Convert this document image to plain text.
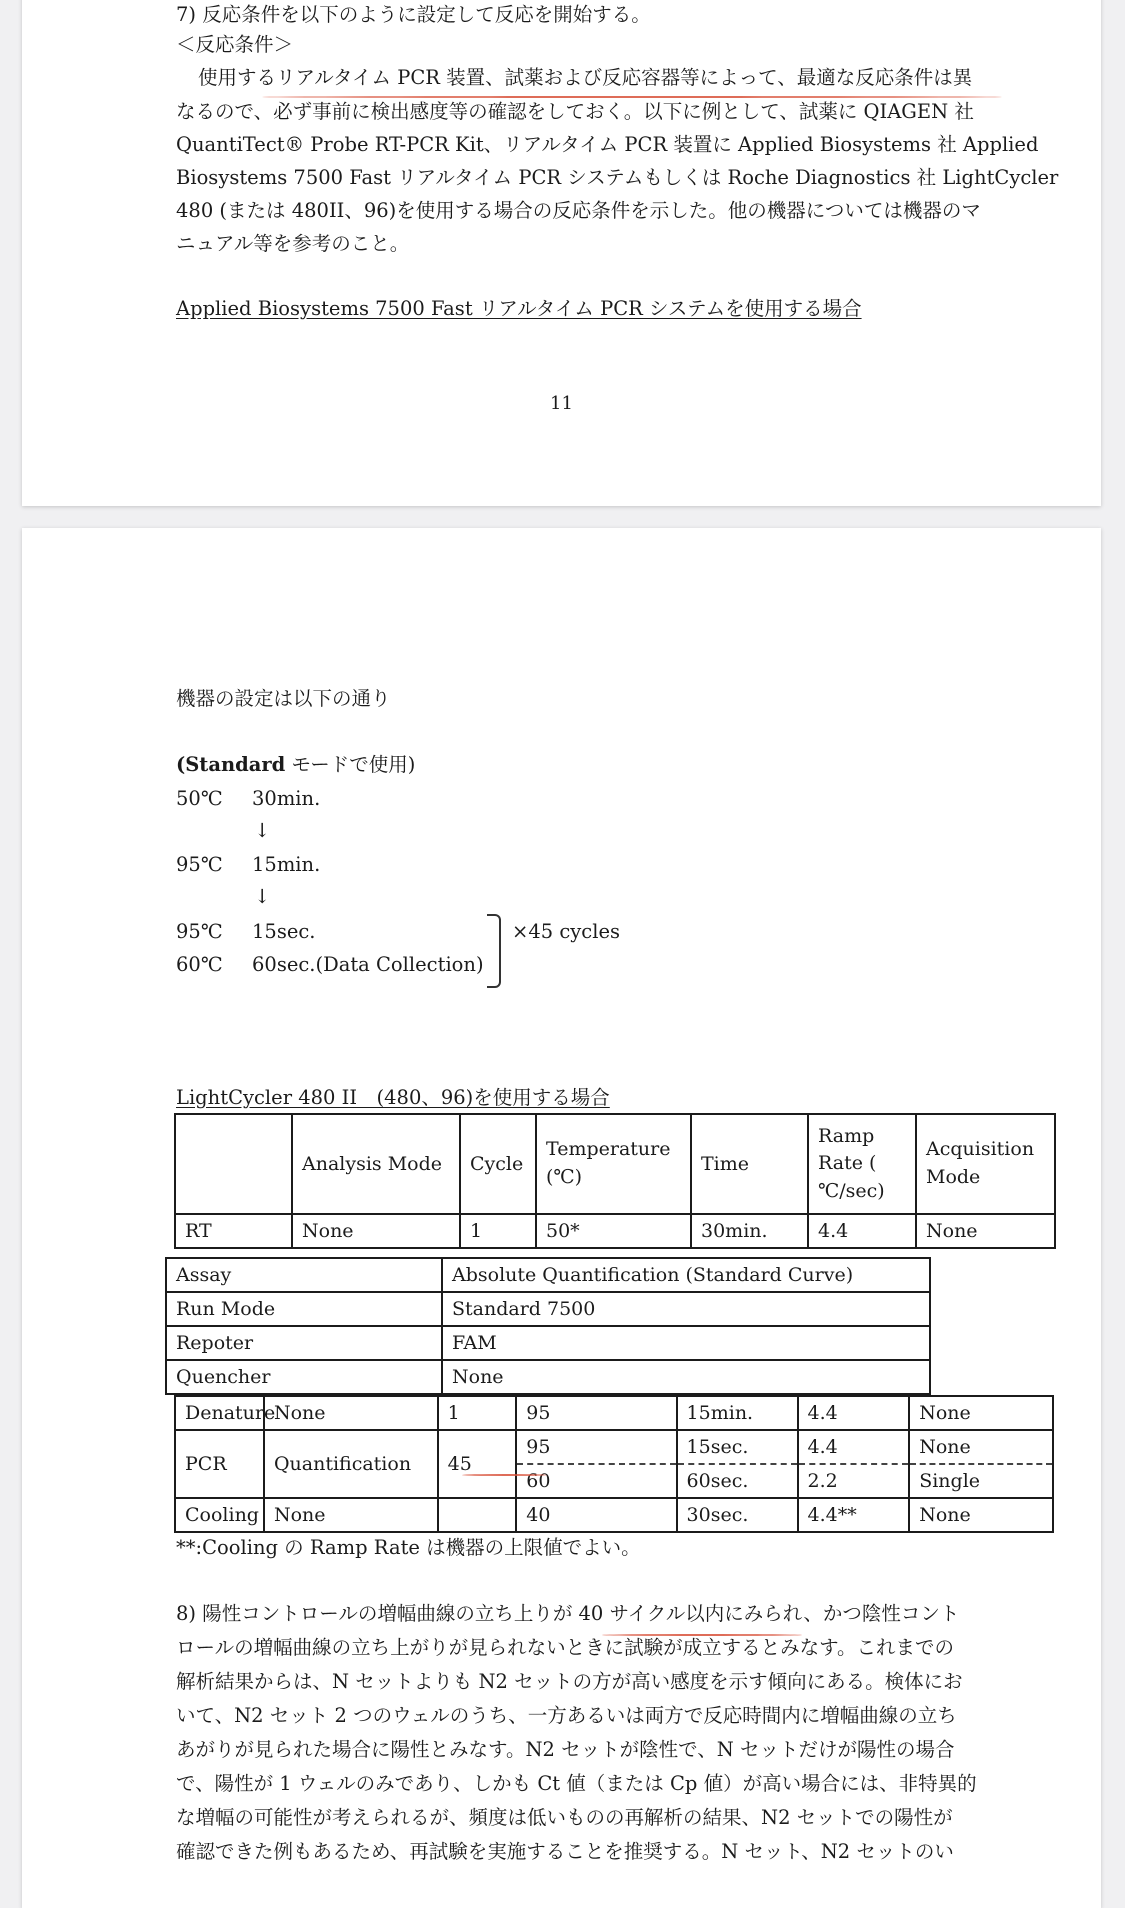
7) 反応条件を以下のように設定して反応を開始する。
＜反応条件＞
使用するリアルタイム PCR 装置、試薬および反応容器等によって、最適な反応条件は異
なるので、必ず事前に検出感度等の確認をしておく。以下に例として、試薬に QIAGEN 社
QuantiTect® Probe RT-PCR Kit、リアルタイム PCR 装置に Applied Biosystems 社 Applied
Biosystems 7500 Fast リアルタイム PCR システムもしくは Roche Diagnostics 社 LightCycler
480 (または 480II、96)を使用する場合の反応条件を示した。他の機器については機器のマ
ニュアル等を参考のこと。
Applied Biosystems 7500 Fast リアルタイム PCR システムを使用する場合
11
機器の設定は以下の通り
(Standard モードで使用)
50℃ 30min.
↓
95℃ 15min.
↓
95℃ 15sec.
60℃ 60sec.(Data Collection)
×45 cycles
LightCycler 480 II　(480、96)を使用する場合
	Analysis Mode	Cycle	Temperature (℃)	Time	Ramp Rate ( ℃/sec)	Acquisition Mode
RT	None	1	50*	30min.	4.4	None
Assay	Absolute Quantification (Standard Curve)
Run Mode	Standard 7500
Repoter	FAM
Quencher	None
Denature	None	1	95	15min.	4.4	None
PCR	Quantification	45	95	15sec.	4.4	None
			60	60sec.	2.2	Single
Cooling	None		40	30sec.	4.4**	None
**:Cooling の Ramp Rate は機器の上限値でよい。
8) 陽性コントロールの増幅曲線の立ち上りが 40 サイクル以内にみられ、かつ陰性コント
ロールの増幅曲線の立ち上がりが見られないときに試験が成立するとみなす。これまでの
解析結果からは、N セットよりも N2 セットの方が高い感度を示す傾向にある。検体にお
いて、N2 セット 2 つのウェルのうち、一方あるいは両方で反応時間内に増幅曲線の立ち
あがりが見られた場合に陽性とみなす。N2 セットが陰性で、N セットだけが陽性の場合
で、陽性が 1 ウェルのみであり、しかも Ct 値（または Cp 値）が高い場合には、非特異的
な増幅の可能性が考えられるが、頻度は低いものの再解析の結果、N2 セットでの陽性が
確認できた例もあるため、再試験を実施することを推奨する。N セット、N2 セットのい
